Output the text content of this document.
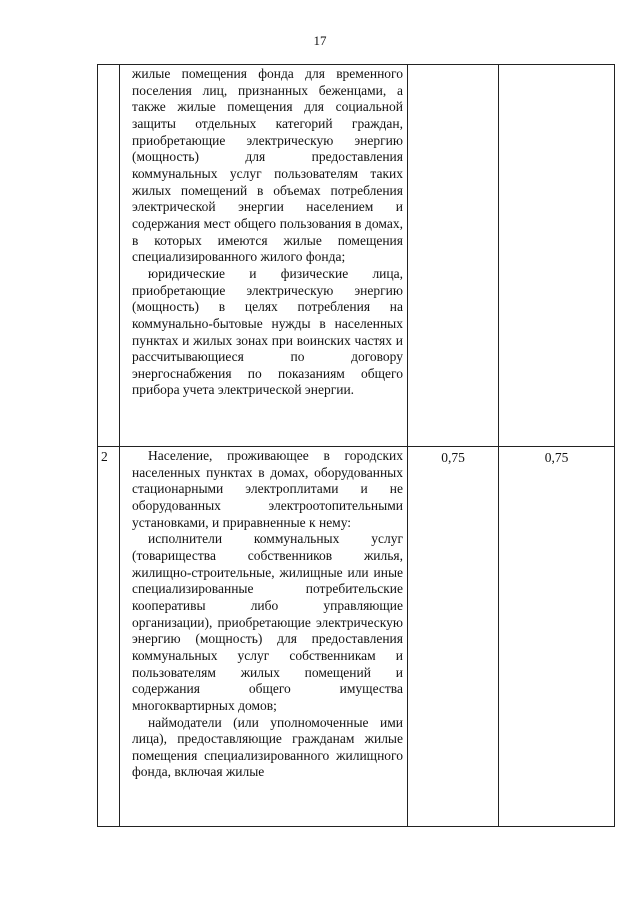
17

	жилые помещения фонда для временного поселения лиц, признанных беженцами, а также жилые помещения для социальной защиты отдельных категорий граждан, приобретающие электрическую энергию (мощность) для предоставления коммунальных услуг пользователям таких жилых помещений в объемах потребления электрической энергии населением и содержания мест общего пользования в домах, в которых имеются жилые помещения специализированного жилого фонда;

юридические и физические лица, приобретающие электрическую энергию (мощность) в целях потребления на коммунально-бытовые нужды в населенных пунктах и жилых зонах при воинских частях и рассчитывающиеся по договору энергоснабжения по показаниям общего прибора учета электрической энергии.		

2	Население, проживающее в городских населенных пунктах в домах, оборудованных стационарными электроплитами и не оборудованных электроотопительными установками, и приравненные к нему:

исполнители коммунальных услуг (товарищества собственников жилья, жилищно-строительные, жилищные или иные специализированные потребительские кооперативы либо управляющие организации), приобретающие электрическую энергию (мощность) для предоставления коммунальных услуг собственникам и пользователям жилых помещений и содержания общего имущества многоквартирных домов;

наймодатели (или уполномоченные ими лица), предоставляющие гражданам жилые помещения специализированного жилищного фонда, включая жилые	0,75	0,75
